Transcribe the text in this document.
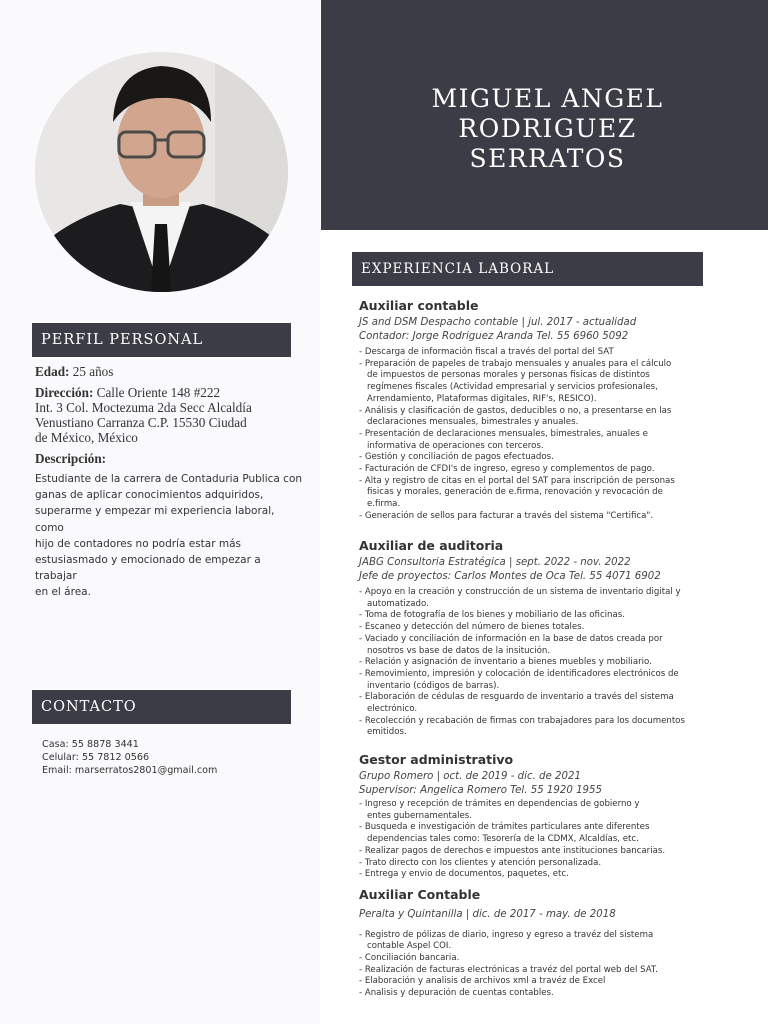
PERFIL PERSONAL
Edad: 25 años
Dirección: Calle Oriente 148 #222
Int. 3 Col. Moctezuma 2da Secc Alcaldía
Venustiano Carranza C.P. 15530 Ciudad
de México, México
Descripción:
Estudiante de la carrera de Contaduria Publica con
ganas de aplicar conocimientos adquiridos,
superarme y empezar mi experiencia laboral, como
hijo de contadores no podría estar más
estusiasmado y emocionado de empezar a trabajar
en el área.
CONTACTO
Casa: 55 8878 3441
Celular: 55 7812 0566
Email: marserratos2801@gmail.com
MIGUEL ANGEL
RODRIGUEZ
SERRATOS
EXPERIENCIA LABORAL
Auxiliar contable
JS and DSM Despacho contable | jul. 2017 - actualidad
Contador: Jorge Rodriguez Aranda Tel. 55 6960 5092
- Descarga de información fiscal a través del portal del SAT
- Preparación de papeles de trabajo mensuales y anuales para el cálculo
de impuestos de personas morales y personas fisicas de distintos
regímenes fiscales (Actividad empresarial y servicios profesionales,
Arrendamiento, Plataformas digitales, RIF's, RESICO).
- Análisis y clasificación de gastos, deducibles o no, a presentarse en las
declaraciones mensuales, bimestrales y anuales.
- Presentación de declaraciones mensuales, bimestrales, anuales e
informativa de operaciones con terceros.
- Gestión y conciliación de pagos efectuados.
- Facturación de CFDI's de ingreso, egreso y complementos de pago.
- Alta y registro de citas en el portal del SAT para inscripción de personas
fisicas y morales, generación de e.firma, renovación y revocación de
e.firma.
- Generación de sellos para facturar a través del sistema "Certifica".
Auxiliar de auditoria
JABG Consultoria Estratégica | sept. 2022 - nov. 2022
Jefe de proyectos: Carlos Montes de Oca Tel. 55 4071 6902
- Apoyo en la creación y construcción de un sistema de inventario digital y
automatizado.
- Toma de fotografía de los bienes y mobiliario de las oficinas.
- Escaneo y detección del número de bienes totales.
- Vaciado y conciliación de información en la base de datos creada por
nosotros vs base de datos de la insitución.
- Relación y asignación de inventario a bienes muebles y mobiliario.
- Removimiento, impresión y colocación de identificadores electrónicos de
inventario (códigos de barras).
- Elaboración de cédulas de resguardo de inventario a través del sistema
electrónico.
- Recolección y recabación de firmas con trabajadores para los documentos
emitidos.
Gestor administrativo
Grupo Romero | oct. de 2019 - dic. de 2021
Supervisor: Angelica Romero Tel. 55 1920 1955
- Ingreso y recepción de trámites en dependencias de gobierno y
entes gubernamentales.
- Busqueda e investigación de trámites particulares ante diferentes
dependencias tales como: Tesorería de la CDMX, Alcaldías, etc.
- Realizar pagos de derechos e impuestos ante instituciones bancarias.
- Trato directo con los clientes y atención personalizada.
- Entrega y envio de documentos, paquetes, etc.
Auxiliar Contable
Peralta y Quintanilla | dic. de 2017 - may. de 2018
- Registro de pólizas de diario, ingreso y egreso a travéz del sistema
contable Aspel COI.
- Conciliación bancaria.
- Realización de facturas electrónicas a travéz del portal web del SAT.
- Elaboración y analisis de archivos xml a travéz de Excel
- Analisis y depuración de cuentas contables.
